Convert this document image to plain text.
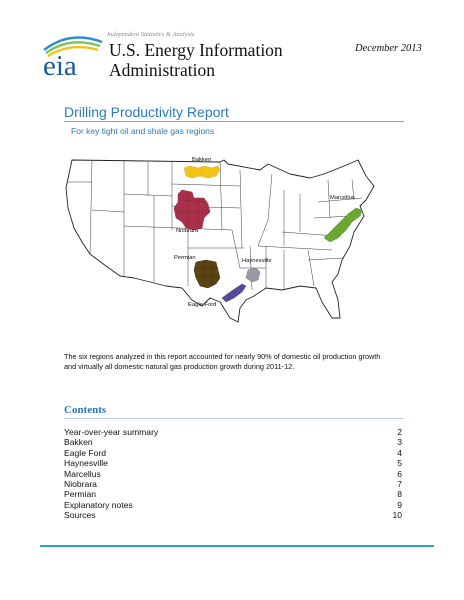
eia
Independent Statistics & Analysis
U.S. Energy Information
Administration
December 2013
Drilling Productivity Report
For key tight oil and shale gas regions
Bakken
Marcellus
Niobrara
Permian	Haynesville
Eagle Ford
The six regions analyzed in this report accounted for nearly 90% of domestic oil production growth and virtually all domestic natural gas production growth during 2011-12.
Contents
Year-over-year summary	2
Bakken	3
Eagle Ford	4
Haynesville	5
Marcellus	6
Niobrara	7
Permian	8
Explanatory notes	9
Sources	10
